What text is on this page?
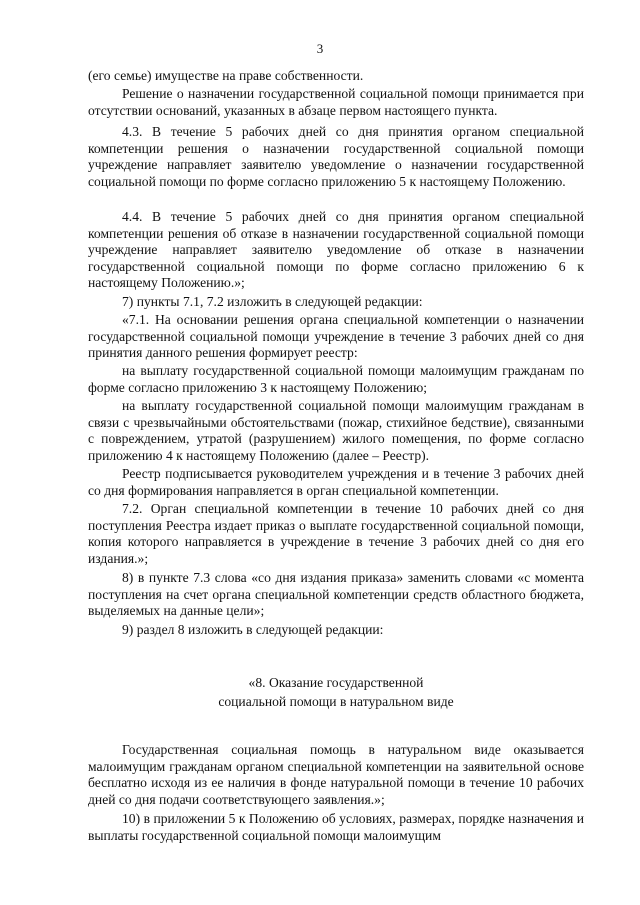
3

(его семье) имуществе на праве собственности.

Решение о назначении государственной социальной помощи принимается при отсутствии оснований, указанных в абзаце первом настоящего пункта.

4.3. В течение 5 рабочих дней со дня принятия органом специальной компетенции решения о назначении государственной социальной помощи учреждение направляет заявителю уведомление о назначении государственной социальной помощи по форме согласно приложению 5 к настоящему Положению.

4.4. В течение 5 рабочих дней со дня принятия органом специальной компетенции решения об отказе в назначении государственной социальной помощи учреждение направляет заявителю уведомление об отказе в назначении государственной социальной помощи по форме согласно приложению 6 к настоящему Положению.»;

7) пункты 7.1, 7.2 изложить в следующей редакции:

«7.1. На основании решения органа специальной компетенции о назначении государственной социальной помощи учреждение в течение 3 рабочих дней со дня принятия данного решения формирует реестр:

на выплату государственной социальной помощи малоимущим гражданам по форме согласно приложению 3 к настоящему Положению;

на выплату государственной социальной помощи малоимущим гражданам в связи с чрезвычайными обстоятельствами (пожар, стихийное бедствие), связанными с повреждением, утратой (разрушением) жилого помещения, по форме согласно приложению 4 к настоящему Положению (далее – Реестр).

Реестр подписывается руководителем учреждения и в течение 3 рабочих дней со дня формирования направляется в орган специальной компетенции.

7.2. Орган специальной компетенции в течение 10 рабочих дней со дня поступления Реестра издает приказ о выплате государственной социальной помощи, копия которого направляется в учреждение в течение 3 рабочих дней со дня его издания.»;

8) в пункте 7.3 слова «со дня издания приказа» заменить словами «с момента поступления на счет органа специальной компетенции средств областного бюджета, выделяемых на данные цели»;

9) раздел 8 изложить в следующей редакции:

«8. Оказание государственной
социальной помощи в натуральном виде

Государственная социальная помощь в натуральном виде оказывается малоимущим гражданам органом специальной компетенции на заявительной основе бесплатно исходя из ее наличия в фонде натуральной помощи в течение 10 рабочих дней со дня подачи соответствующего заявления.»;

10) в приложении 5 к Положению об условиях, размерах, порядке назначения и выплаты государственной социальной помощи малоимущим
